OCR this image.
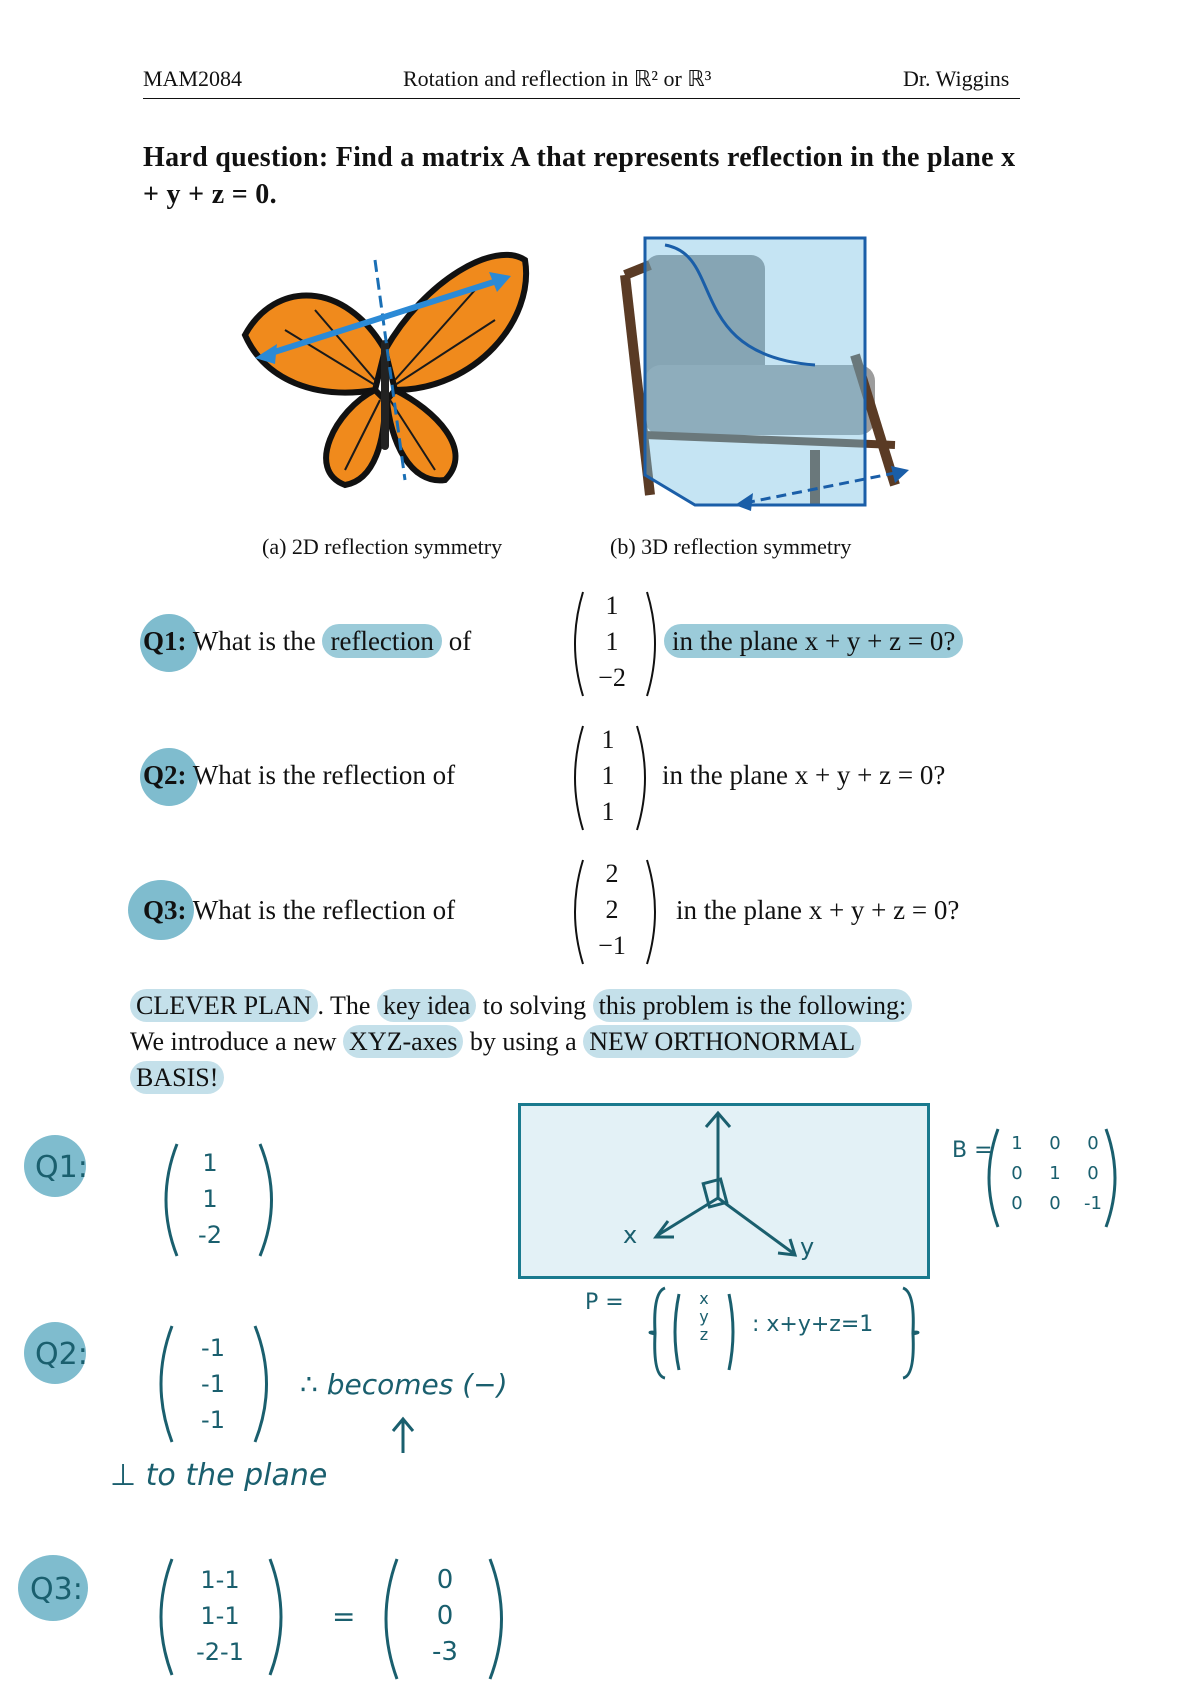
MAM2084	Rotation and reflection in ℝ² or ℝ³	Dr. Wiggins
Hard question: Find a matrix A that represents reflection in the plane x + y + z = 0.
(a) 2D reflection symmetry	(b) 3D reflection symmetry
Q1: What is the reflection of
1
1
−2
in the plane x + y + z = 0?
Q2: What is the reflection of
1
1
1
in the plane x + y + z = 0?
Q3: What is the reflection of
2
2
−1
in the plane x + y + z = 0?
CLEVER PLAN . The key idea to solving this problem is the following:
We introduce a new XYZ-axes by using a NEW ORTHONORMAL
BASIS!
Q1:	1
1
-2	x	y
B = 1	0	0
0	1	0
0	0	-1
P =	x y z : x+y+z=1
Q2:	-1
-1
-1
∴ becomes (−)
⊥ to the plane
Q3:	1-1
1-1
-2-1
=
0
0
-3
